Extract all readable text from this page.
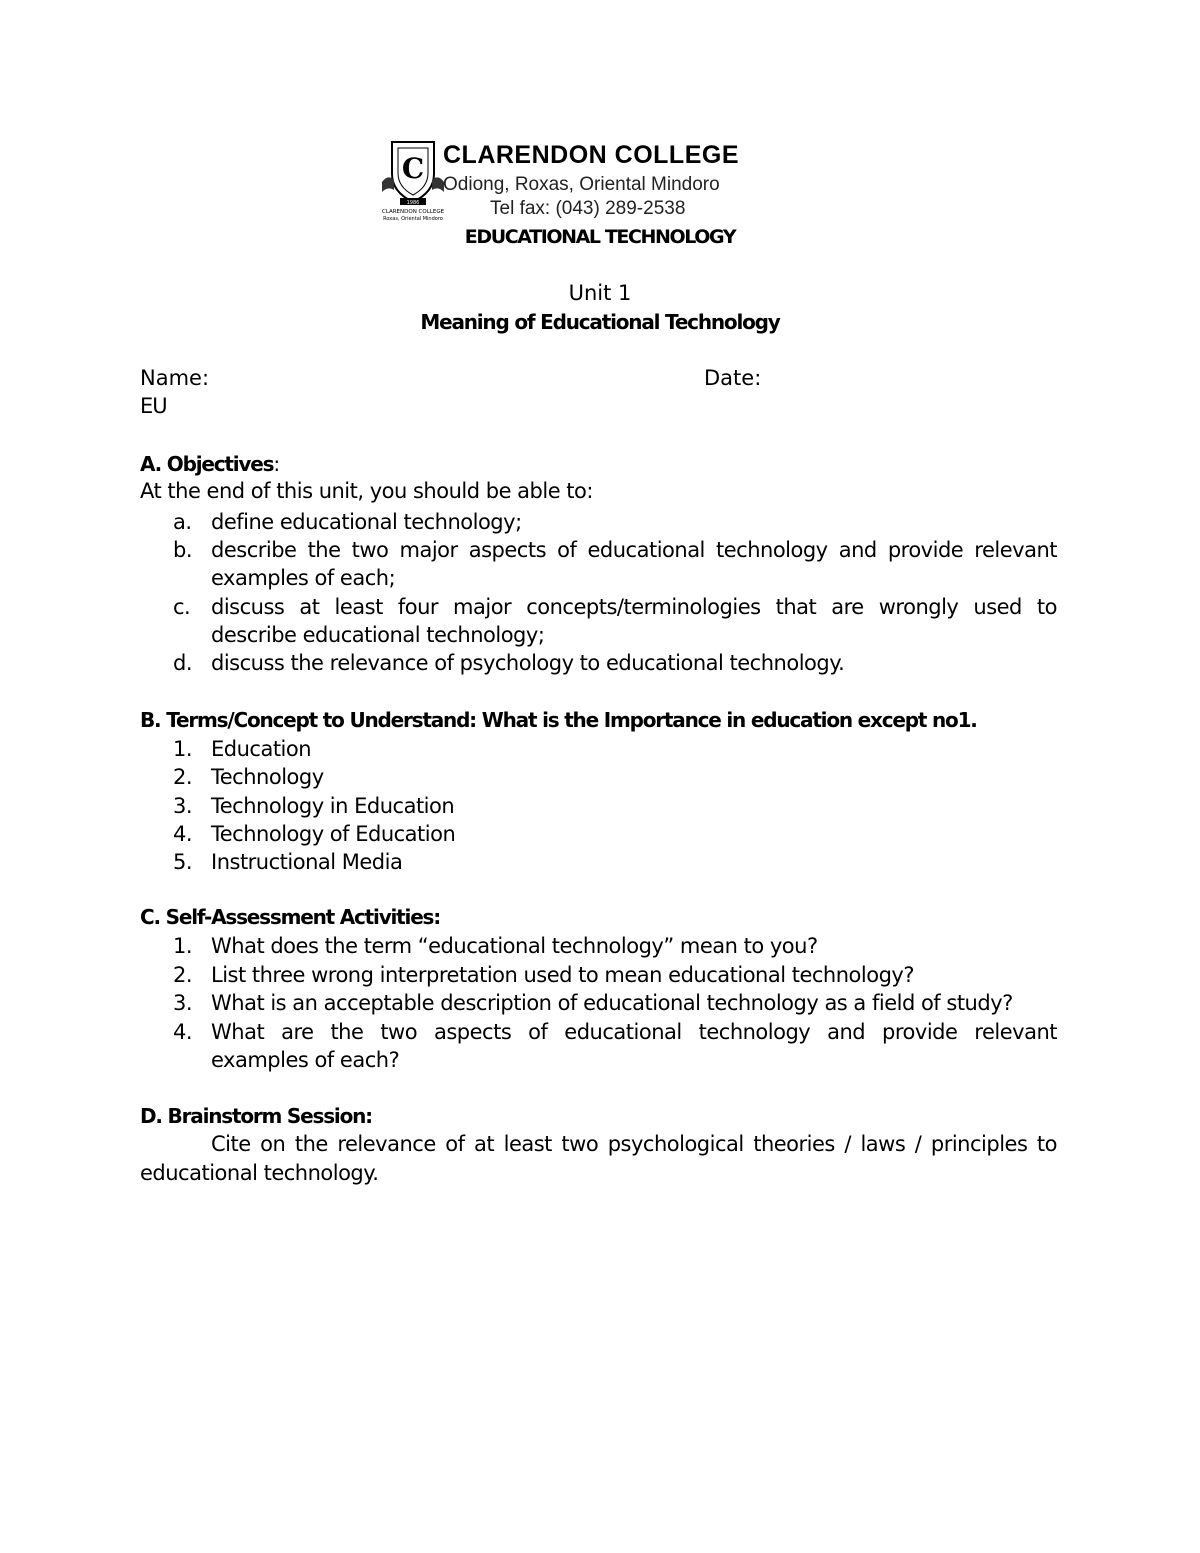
C
1986
CLARENDON COLLEGE
Roxas, Oriental Mindoro
CLARENDON COLLEGE
Odiong, Roxas, Oriental Mindoro
Tel fax: (043) 289-2538
EDUCATIONAL TECHNOLOGY
Unit 1
Meaning of Educational Technology
Name:	Date:
EU
A. Objectives:
At the end of this unit, you should be able to:
a. define educational technology;
b. describe the two major aspects of educational technology and provide relevant
examples of each;
c. discuss at least four major concepts/terminologies that are wrongly used to
describe educational technology;
d. discuss the relevance of psychology to educational technology.
B. Terms/Concept to Understand: What is the Importance in education except no1.
1. Education
2. Technology
3. Technology in Education
4. Technology of Education
5. Instructional Media
C. Self-Assessment Activities:
1. What does the term “educational technology” mean to you?
2. List three wrong interpretation used to mean educational technology?
3. What is an acceptable description of educational technology as a field of study?
4. What are the two aspects of educational technology and provide relevant
examples of each?
D. Brainstorm Session:
Cite on the relevance of at least two psychological theories / laws / principles to educational technology.
